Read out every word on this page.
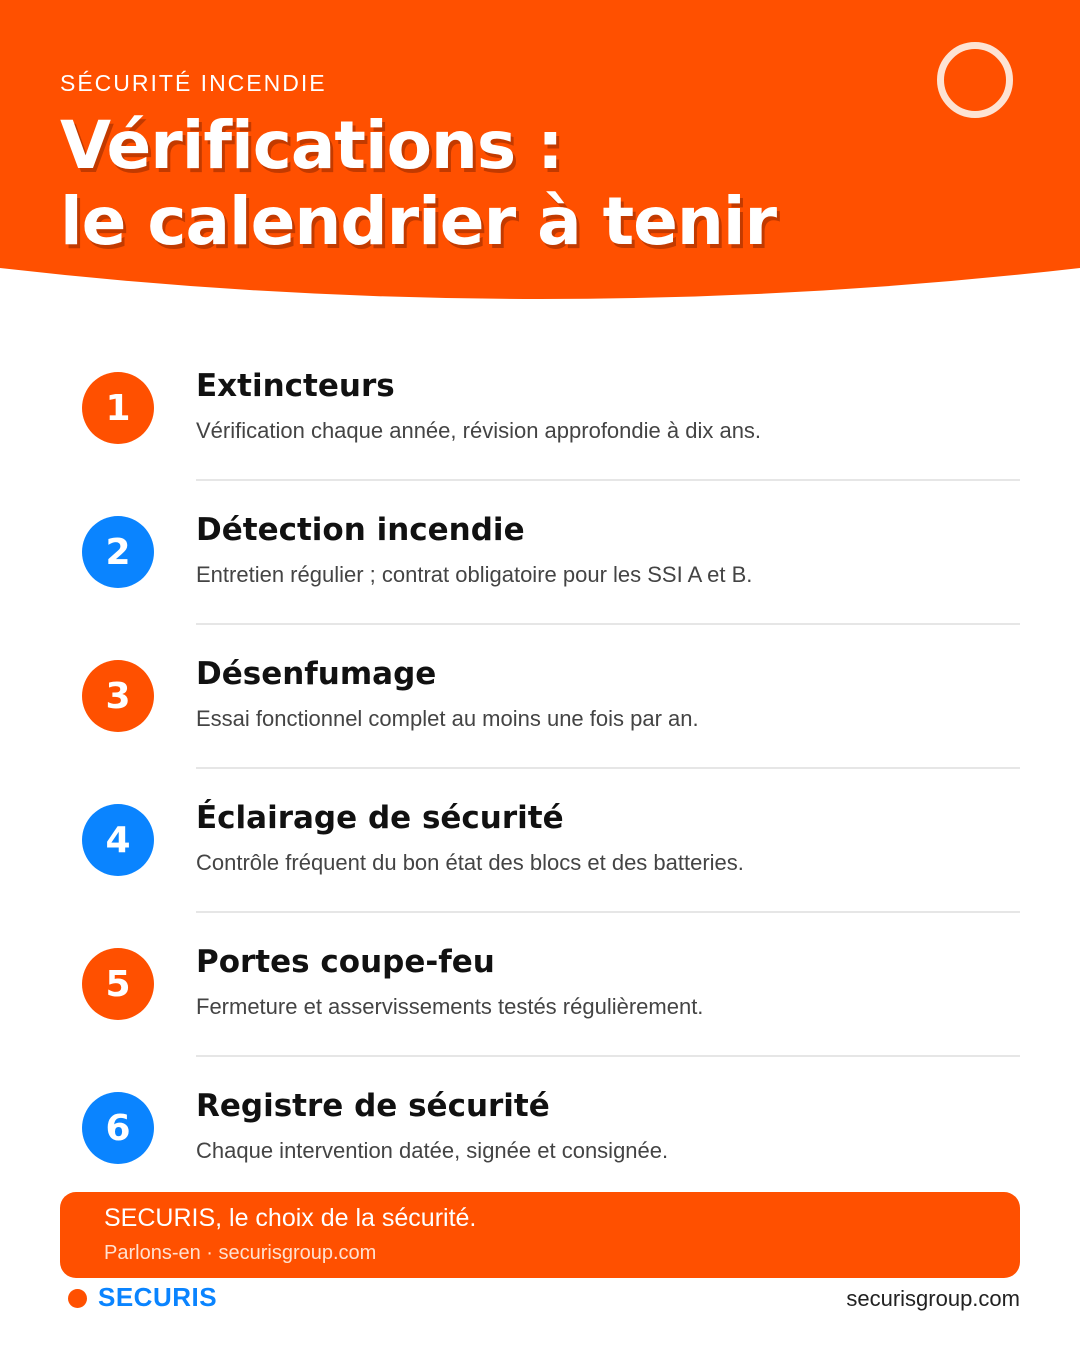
SÉCURITÉ INCENDIE
Vérifications :
le calendrier à tenir
1
Extincteurs
Vérification chaque année, révision approfondie à dix ans.
2
Détection incendie
Entretien régulier ; contrat obligatoire pour les SSI A et B.
3
Désenfumage
Essai fonctionnel complet au moins une fois par an.
4
Éclairage de sécurité
Contrôle fréquent du bon état des blocs et des batteries.
5
Portes coupe-feu
Fermeture et asservissements testés régulièrement.
6
Registre de sécurité
Chaque intervention datée, signée et consignée.
SECURIS, le choix de la sécurité.
Parlons-en · securisgroup.com
SECURIS	securisgroup.com
